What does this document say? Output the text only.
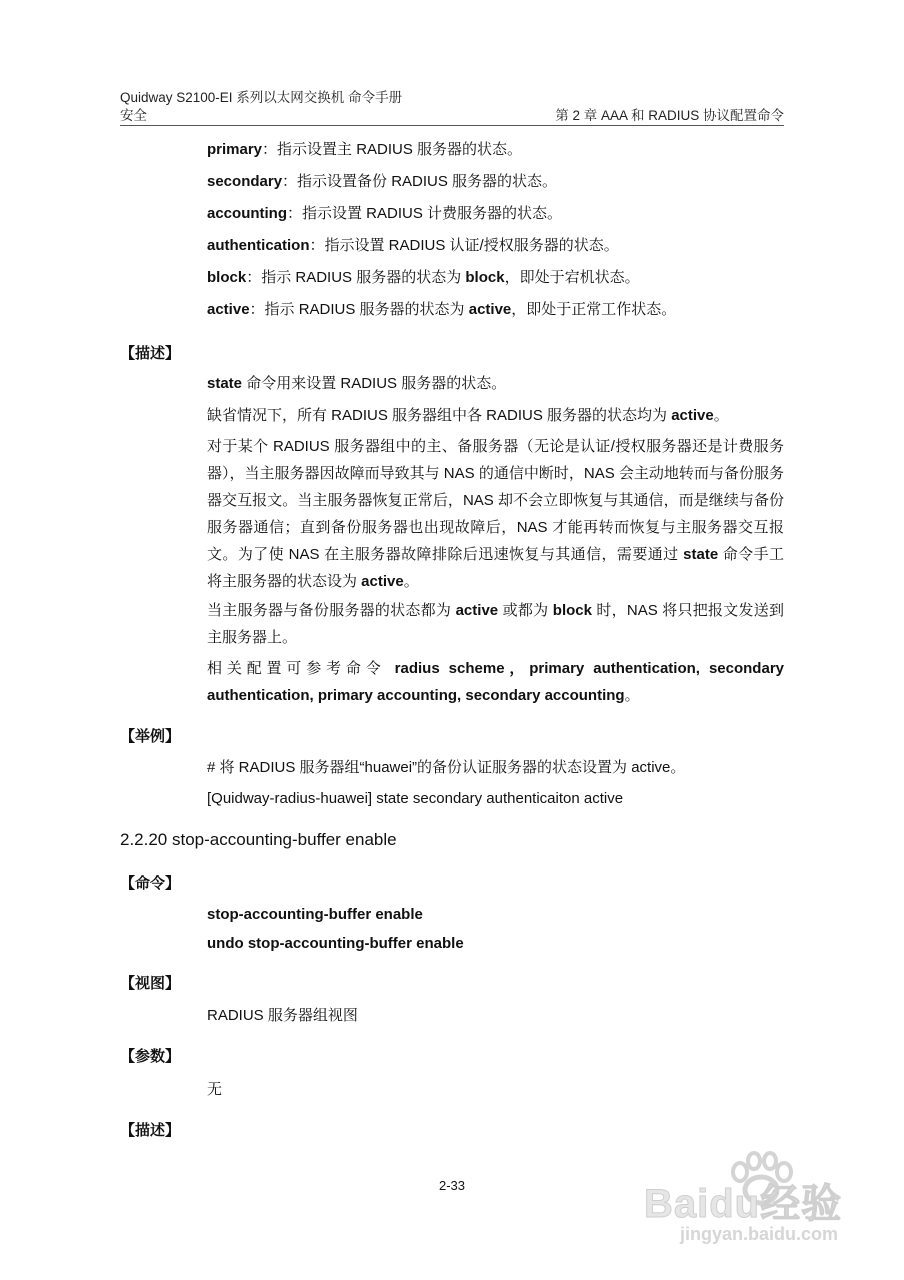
Quidway S2100-EI 系列以太网交换机 命令手册
安全	第 2 章 AAA 和 RADIUS 协议配置命令
primary：指示设置主 RADIUS 服务器的状态。
secondary：指示设置备份 RADIUS 服务器的状态。
accounting：指示设置 RADIUS 计费服务器的状态。
authentication：指示设置 RADIUS 认证/授权服务器的状态。
block：指示 RADIUS 服务器的状态为 block，即处于宕机状态。
active：指示 RADIUS 服务器的状态为 active，即处于正常工作状态。
【描述】
state 命令用来设置 RADIUS 服务器的状态。
缺省情况下，所有 RADIUS 服务器组中各 RADIUS 服务器的状态均为 active。
对于某个 RADIUS 服务器组中的主、备服务器（无论是认证/授权服务器还是计费服务器），当主服务器因故障而导致其与 NAS 的通信中断时，NAS 会主动地转而与备份服务器交互报文。当主服务器恢复正常后，NAS 却不会立即恢复与其通信，而是继续与备份服务器通信；直到备份服务器也出现故障后，NAS 才能再转而恢复与主服务器交互报文。为了使 NAS 在主服务器故障排除后迅速恢复与其通信，需要通过 state 命令手工将主服务器的状态设为 active。
当主服务器与备份服务器的状态都为 active 或都为 block 时，NAS 将只把报文发送到主服务器上。
相关配置可参考命令 radius scheme，primary authentication, secondary authentication, primary accounting, secondary accounting。
【举例】
# 将 RADIUS 服务器组“huawei”的备份认证服务器的状态设置为 active。
[Quidway-radius-huawei] state secondary authenticaiton active
2.2.20 stop-accounting-buffer enable
【命令】
stop-accounting-buffer enable
undo stop-accounting-buffer enable
【视图】
RADIUS 服务器组视图
【参数】
无
【描述】
2-33	Baidu经验
jingyan.baidu.com
